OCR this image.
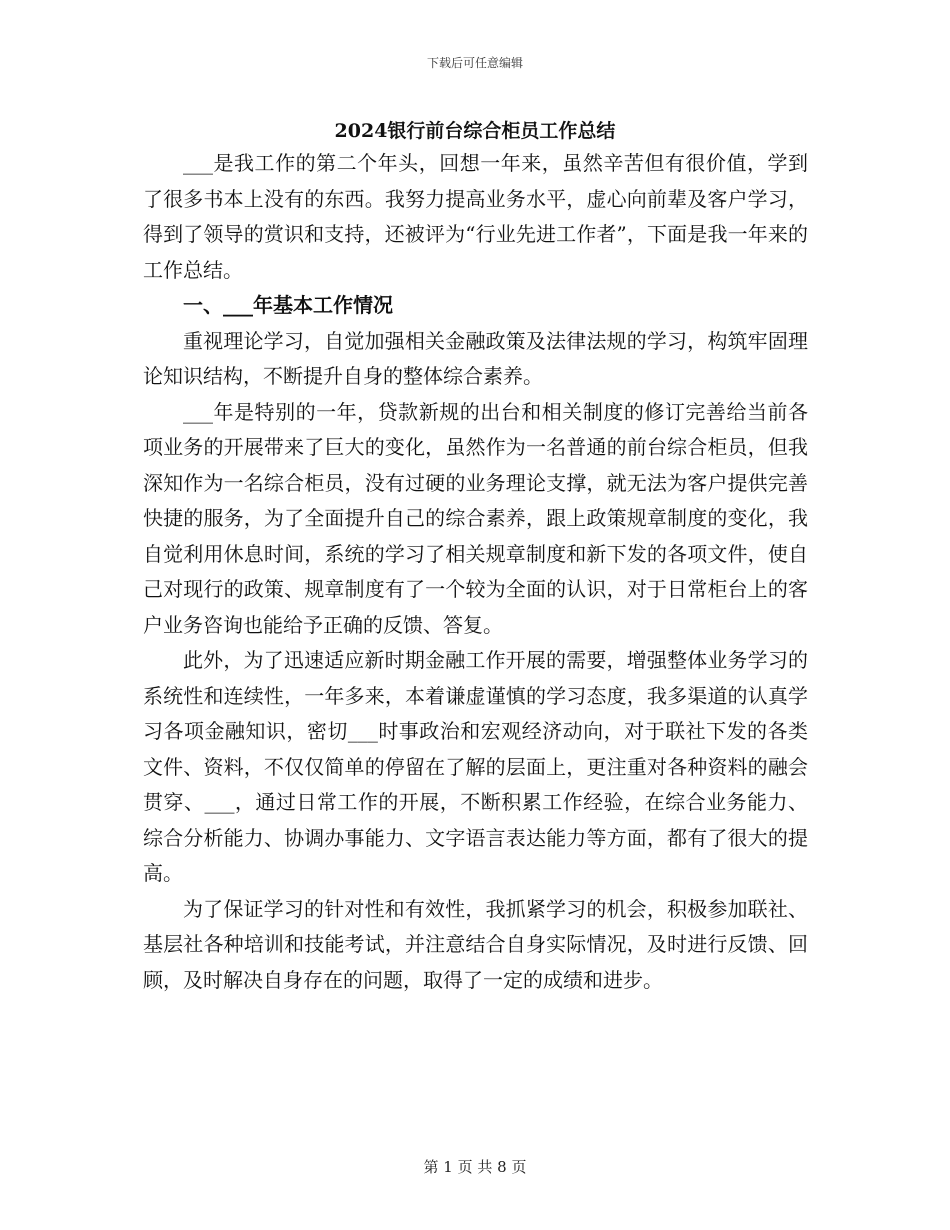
下载后可任意编辑
2024银行前台综合柜员工作总结

___是我工作的第二个年头，回想一年来，虽然辛苦但有很价值，学到了很多书本上没有的东西。我努力提高业务水平，虚心向前辈及客户学习，得到了领导的赏识和支持，还被评为“行业先进工作者”，下面是我一年来的工作总结。

一、___年基本工作情况

重视理论学习，自觉加强相关金融政策及法律法规的学习，构筑牢固理论知识结构，不断提升自身的整体综合素养。

___年是特别的一年，贷款新规的出台和相关制度的修订完善给当前各项业务的开展带来了巨大的变化，虽然作为一名普通的前台综合柜员，但我深知作为一名综合柜员，没有过硬的业务理论支撑，就无法为客户提供完善快捷的服务，为了全面提升自己的综合素养，跟上政策规章制度的变化，我自觉利用休息时间，系统的学习了相关规章制度和新下发的各项文件，使自己对现行的政策、规章制度有了一个较为全面的认识，对于日常柜台上的客户业务咨询也能给予正确的反馈、答复。

此外，为了迅速适应新时期金融工作开展的需要，增强整体业务学习的系统性和连续性，一年多来，本着谦虚谨慎的学习态度，我多渠道的认真学习各项金融知识，密切___时事政治和宏观经济动向，对于联社下发的各类文件、资料，不仅仅简单的停留在了解的层面上，更注重对各种资料的融会贯穿、___，通过日常工作的开展，不断积累工作经验，在综合业务能力、综合分析能力、协调办事能力、文字语言表达能力等方面，都有了很大的提高。

为了保证学习的针对性和有效性，我抓紧学习的机会，积极参加联社、基层社各种培训和技能考试，并注意结合自身实际情况，及时进行反馈、回顾，及时解决自身存在的问题，取得了一定的成绩和进步。

第 1 页 共 8 页
